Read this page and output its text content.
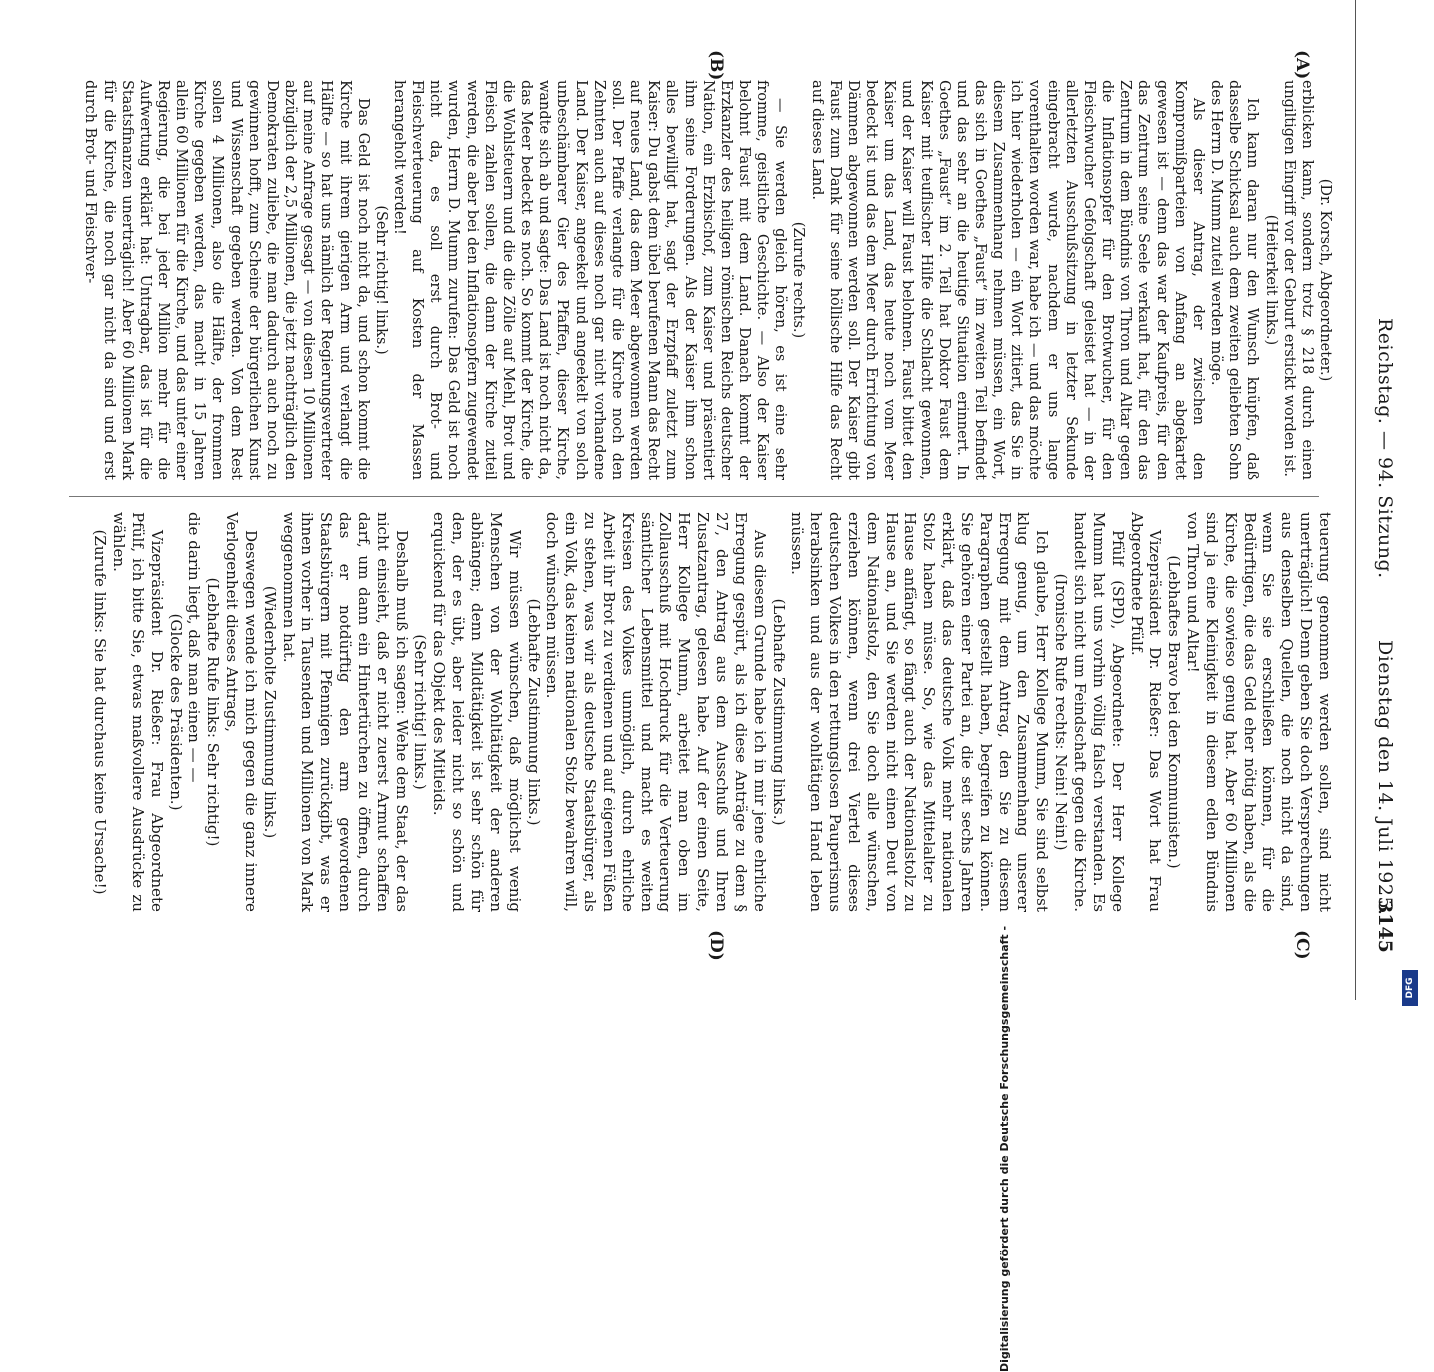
Reichstag. — 94. Sitzung.
Dienstag den 14. Juli 1925.
3145
(A)
(B)
(C)
(D)

(Dr. Korsch, Abgeordneter.)

erblicken kann, sondern trotz § 218 durch einen ungiltigen Eingriff vor der Geburt erstickt worden ist.

(Heiterkeit links.)

Ich kann daran nur den Wunsch knüpfen, daß dasselbe Schicksal auch dem zweiten geliebten Sohn des Herrn D. Mumm zuteil werden möge.

Als dieser Antrag, der zwischen den Kompromißparteien von Anfang an abgekartet gewesen ist — denn das war der Kaufpreis, für den das Zentrum seine Seele verkauft hat, für den das Zentrum in dem Bündnis von Thron und Altar gegen die Inflationsopfer für den Brotwucher, für den Fleischwucher Gefolgschaft geleistet hat — in der allerletzten Ausschußsitzung in letzter Sekunde eingebracht wurde, nachdem er uns lange vorenthalten worden war, habe ich — und das möchte ich hier wiederholen — ein Wort zitiert, das Sie in diesem Zusammenhang nehmen müssen, ein Wort, das sich in Goethes „Faust“ im zweiten Teil befindet und das sehr an die heutige Situation erinnert. In Goethes „Faust“ im 2. Teil hat Doktor Faust dem Kaiser mit teuflischer Hilfe die Schlacht gewonnen, und der Kaiser will Faust belohnen. Faust bittet den Kaiser um das Land, das heute noch vom Meer bedeckt ist und das dem Meer durch Errichtung von Dämmen abgewonnen werden soll. Der Kaiser gibt Faust zum Dank für seine höllische Hilfe das Recht auf dieses Land.

(Zurufe rechts.)

— Sie werden gleich hören, es ist eine sehr fromme, geistliche Geschichte. — Also der Kaiser belohnt Faust mit dem Land. Danach kommt der Erzkanzler des heiligen römischen Reichs deutscher Nation, ein Erzbischof, zum Kaiser und präsentiert ihm seine Forderungen. Als der Kaiser ihm schon alles bewilligt hat, sagt der Erzpfaff zuletzt zum Kaiser: Du gabst dem übel berufenen Mann das Recht auf neues Land, das dem Meer abgewonnen werden soll. Der Pfaffe verlangte für die Kirche noch den Zehnten auch auf dieses noch gar nicht vorhandene Land. Der Kaiser, angeekelt und angeekelt von solch unbeschämbarer Gier des Pfaffen, dieser Kirche, wandte sich ab und sagte: Das Land ist noch nicht da, das Meer bedeckt es noch. So kommt der Kirche, die die Wohlsteuern und die die Zölle auf Mehl, Brot und Fleisch zahlen sollen, die dann der Kirche zuteil werden, die aber bei den Inflationsopfern zugewendet wurden, Herrn D. Mumm zurufen: Das Geld ist noch nicht da, es soll erst durch Brot- und Fleischverteuerung auf Kosten der Massen herangeholt werden!

(Sehr richtig! links.)

Das Geld ist noch nicht da, und schon kommt die Kirche mit ihrem gierigen Arm und verlangt die Hälfte — so hat uns nämlich der Regierungsvertreter auf meine Anfrage gesagt — von diesen 10 Millionen abzüglich der 2,5 Millionen, die jetzt nachträglich den Demokraten zuliebe, die man dadurch auch noch zu gewinnen hofft, zum Scheine der bürgerlichen Kunst und Wissenschaft gegeben werden. Von dem Rest sollen 4 Millionen, also die Hälfte, der frommen Kirche gegeben werden, das macht in 15 Jahren allein 60 Millionen für die Kirche, und das unter einer Regierung, die bei jeder Million mehr für die Aufwertung erklärt hat: Untragbar, das ist für die Staatsfinanzen unerträglich! Aber 60 Millionen Mark für die Kirche, die noch gar nicht da sind und erst durch Brot- und Fleischver-

teuerung genommen werden sollen, sind nicht unerträglich! Denn geben Sie doch Versprechungen aus denselben Quellen, die noch nicht da sind, wenn Sie sie erschließen können, für die Bedürftigen, die das Geld eher nötig haben, als die Kirche, die sowieso genug hat. Aber 60 Millionen sind ja eine Kleinigkeit in diesem edlen Bündnis von Thron und Altar!

(Lebhaftes Bravo bei den Kommunisten.)

Vizepräsident Dr. Rießer: Das Wort hat Frau Abgeordnete Pfülf.

Pfülf (SPD), Abgeordnete: Der Herr Kollege Mumm hat uns vorhin völlig falsch verstanden. Es handelt sich nicht um Feindschaft gegen die Kirche.

(Ironische Rufe rechts: Nein! Nein!)

Ich glaube, Herr Kollege Mumm, Sie sind selbst klug genug, um den Zusammenhang unserer Erregung mit dem Antrag, den Sie zu diesem Paragraphen gestellt haben, begreifen zu können. Sie gehören einer Partei an, die seit sechs Jahren erklärt, daß das deutsche Volk mehr nationalen Stolz haben müsse. So, wie das Mittelalter zu Hause anfängt, so fängt auch der Nationalstolz zu Hause an, und Sie werden nicht einen Deut von dem Nationalstolz, den Sie doch alle wünschen, erziehen können, wenn drei Viertel dieses deutschen Volkes in den rettungslosen Pauperismus herabsinken und aus der wohltätigen Hand leben müssen.

(Lebhafte Zustimmung links.)

Aus diesem Grunde habe ich in mir jene ehrliche Erregung gespürt, als ich diese Anträge zu dem § 27, den Antrag aus dem Ausschuß und Ihren Zusatzantrag, gelesen habe. Auf der einen Seite, Herr Kollege Mumm, arbeitet man oben im Zollausschuß mit Hochdruck für die Verteuerung sämtlicher Lebensmittel und macht es weiten Kreisen des Volkes unmöglich, durch ehrliche Arbeit ihr Brot zu verdienen und auf eigenen Füßen zu stehen, was wir als deutsche Staatsbürger, als ein Volk, das keinen nationalen Stolz bewahren will, doch wünschen müssen.

(Lebhafte Zustimmung links.)

Wir müssen wünschen, daß möglichst wenig Menschen von der Wohltätigkeit der anderen abhängen; denn Mildtätigkeit ist sehr schön für den, der es übt, aber leider nicht so schön und erquickend für das Objekt des Mitleids.

(Sehr richtig! links.)

Deshalb muß ich sagen: Wehe dem Staat, der das nicht einsieht, daß er nicht zuerst Armut schaffen darf, um dann ein Hintertürchen zu öffnen, durch das er notdürftig den arm gewordenen Staatsbürgern mit Pfennigen zurückgibt, was er ihnen vorher in Tausenden und Millionen von Mark weggenommen hat.

(Wiederholte Zustimmung links.)

Deswegen wende ich mich gegen die ganz innere Verlogenheit dieses Antrags,

(Lebhafte Rufe links: Sehr richtig!)

die darin liegt, daß man einen — —

(Glocke des Präsidenten.)

Vizepräsident Dr. Rießer: Frau Abgeordnete Pfülf, ich bitte Sie, etwas maßvollere Ausdrücke zu wählen.

(Zurufe links: Sie hat durchaus keine Ursache!)

Digitalisierung gefördert durch die Deutsche Forschungsgemeinschaft -	DFG
